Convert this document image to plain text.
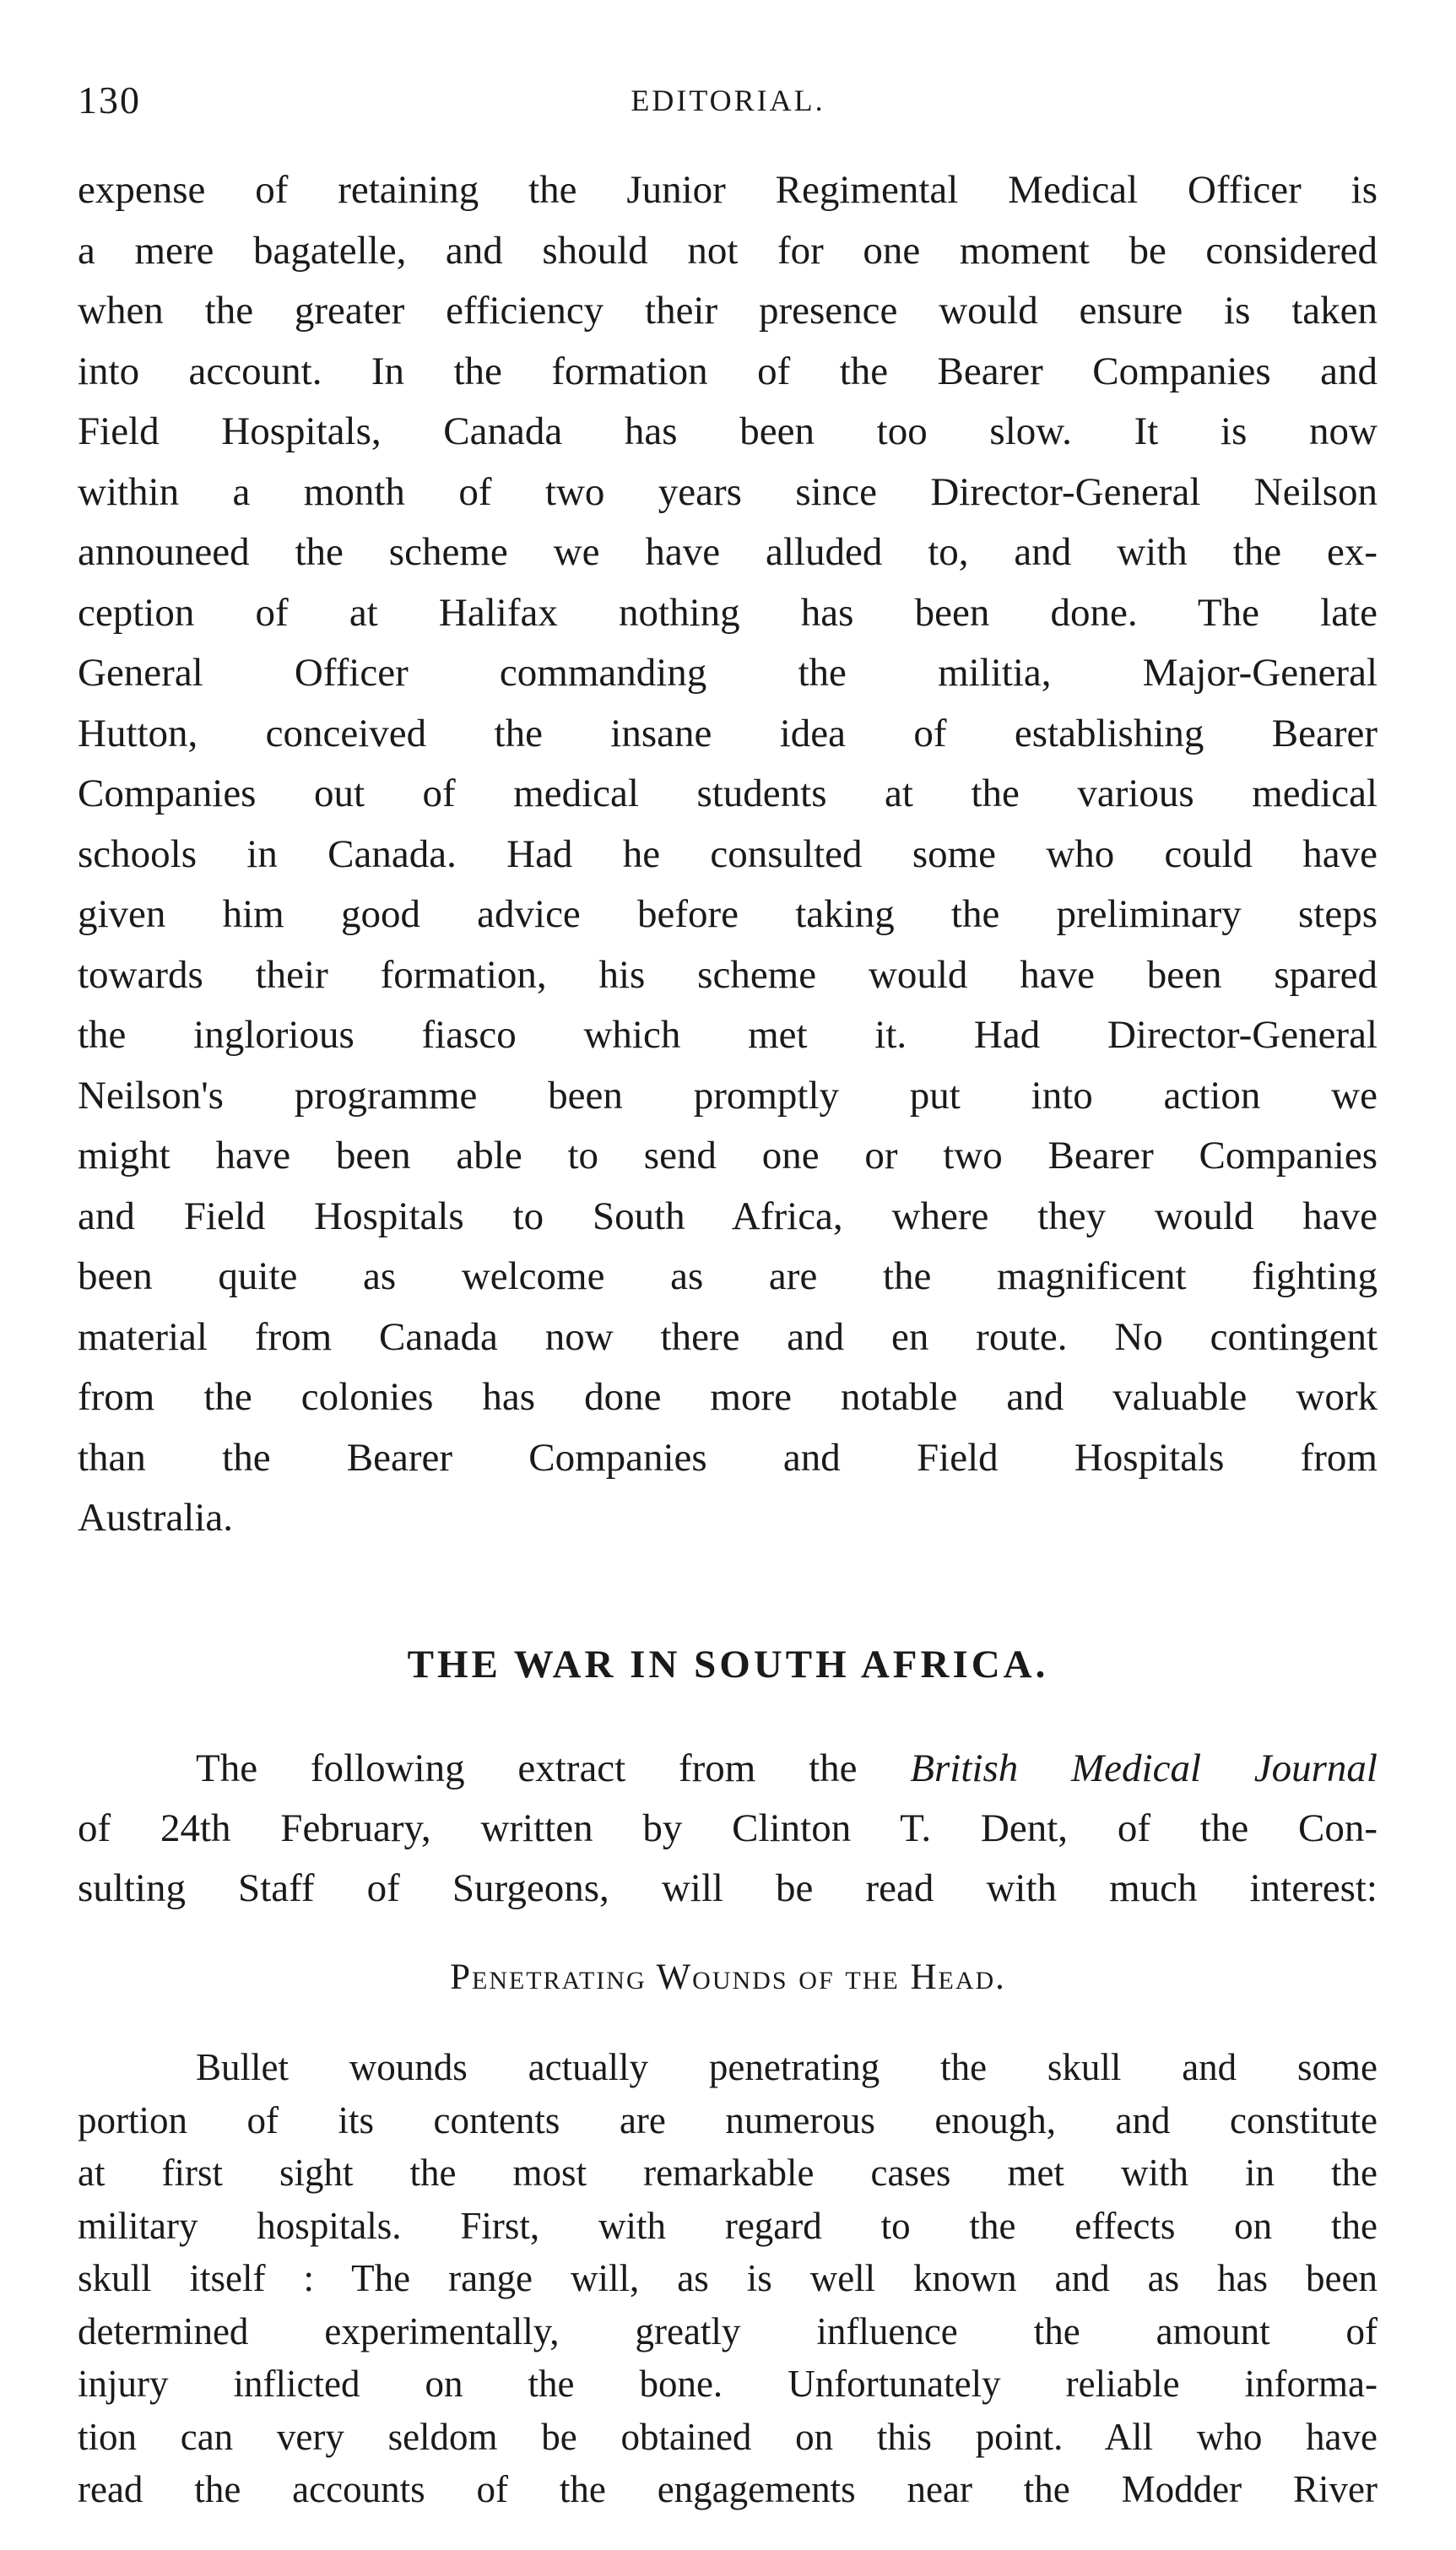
130	EDITORIAL.
expense of retaining the Junior Regimental Medical Officer is
a mere bagatelle, and should not for one moment be considered
when the greater efficiency their presence would ensure is taken
into account. In the formation of the Bearer Companies and
Field Hospitals, Canada has been too slow. It is now
within a month of two years since Director-General Neilson
announeed the scheme we have alluded to, and with the ex-
ception of at Halifax nothing has been done. The late
General Officer commanding the militia, Major-General
Hutton, conceived the insane idea of establishing Bearer
Companies out of medical students at the various medical
schools in Canada. Had he consulted some who could have
given him good advice before taking the preliminary steps
towards their formation, his scheme would have been spared
the inglorious fiasco which met it. Had Director-General
Neilson's programme been promptly put into action we
might have been able to send one or two Bearer Companies
and Field Hospitals to South Africa, where they would have
been quite as welcome as are the magnificent fighting
material from Canada now there and en route. No contingent
from the colonies has done more notable and valuable work
than the Bearer Companies and Field Hospitals from
Australia.
THE WAR IN SOUTH AFRICA.
The following extract from the British Medical Journal
of 24th February, written by Clinton T. Dent, of the Con-
sulting Staff of Surgeons, will be read with much interest:
Penetrating Wounds of the Head.
Bullet wounds actually penetrating the skull and some
portion of its contents are numerous enough, and constitute
at first sight the most remarkable cases met with in the
military hospitals. First, with regard to the effects on the
skull itself : The range will, as is well known and as has been
determined experimentally, greatly influence the amount of
injury inflicted on the bone. Unfortunately reliable informa-
tion can very seldom be obtained on this point. All who have
read the accounts of the engagements near the Modder River
